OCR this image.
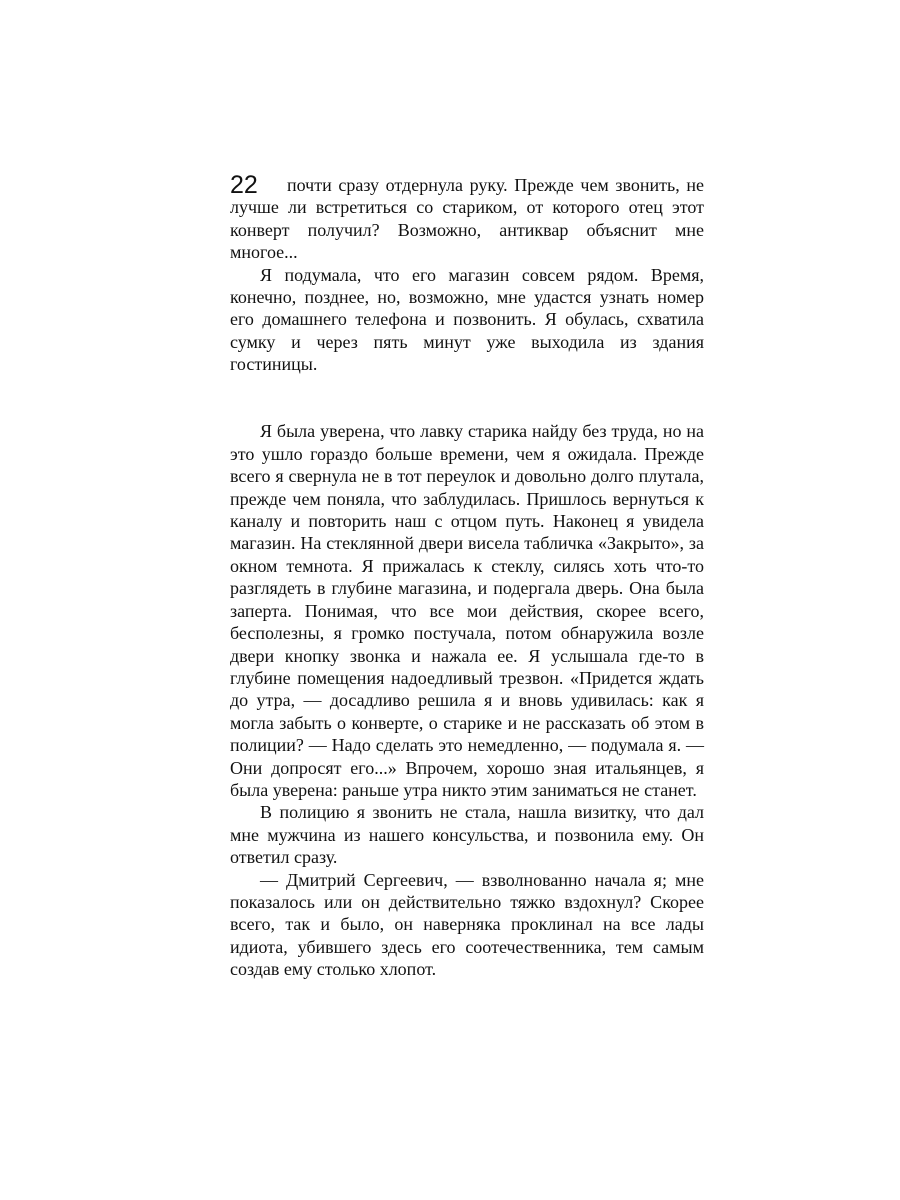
22	почти сразу отдернула руку. Прежде чем звонить, не лучше ли встретиться со стариком, от которого отец этот конверт получил? Возможно, антиквар объяснит мне многое...

Я подумала, что его магазин совсем рядом. Время, конечно, позднее, но, возможно, мне удастся узнать номер его домашнего телефона и позвонить. Я обулась, схватила сумку и через пять минут уже выходила из здания гостиницы.

Я была уверена, что лавку старика найду без труда, но на это ушло гораздо больше времени, чем я ожидала. Прежде всего я свернула не в тот переулок и довольно долго плутала, прежде чем поняла, что заблудилась. Пришлось вернуться к каналу и повторить наш с отцом путь. Наконец я увидела магазин. На стеклянной двери висела табличка «Закрыто», за окном темнота. Я прижалась к стеклу, силясь хоть что-то разглядеть в глубине магазина, и подергала дверь. Она была заперта. Понимая, что все мои действия, скорее всего, бесполезны, я громко постучала, потом обнаружила возле двери кнопку звонка и нажала ее. Я услышала где-то в глубине помещения надоедливый трезвон. «Придется ждать до утра, — досадливо решила я и вновь удивилась: как я могла забыть о конверте, о старике и не рассказать об этом в полиции? — Надо сделать это немедленно, — подумала я. — Они допросят его...» Впрочем, хорошо зная итальянцев, я была уверена: раньше утра никто этим заниматься не станет.

В полицию я звонить не стала, нашла визитку, что дал мне мужчина из нашего консульства, и позвонила ему. Он ответил сразу.

— Дмитрий Сергеевич, — взволнованно начала я; мне показалось или он действительно тяжко вздохнул? Скорее всего, так и было, он наверняка проклинал на все лады идиота, убившего здесь его соотечественника, тем самым создав ему столько хлопот.
